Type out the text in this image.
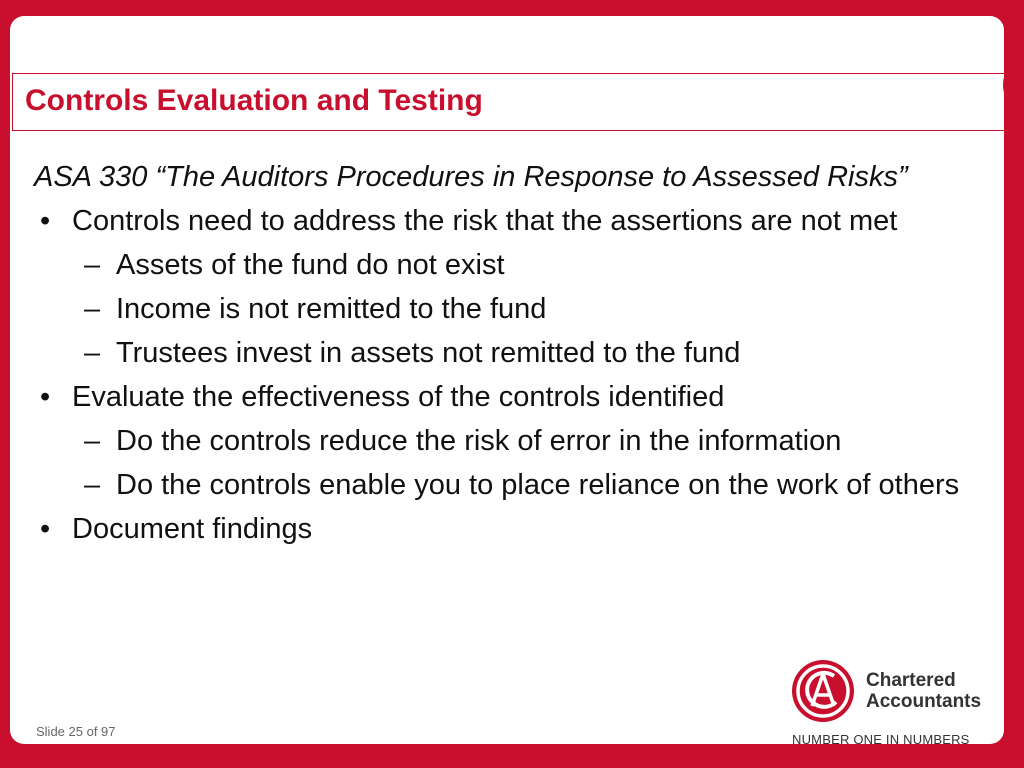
Controls Evaluation and Testing

ASA 330 “The Auditors Procedures in Response to Assessed Risks”

• Controls need to address the risk that the assertions are not met
– Assets of the fund do not exist
– Income is not remitted to the fund
– Trustees invest in assets not remitted to the fund
• Evaluate the effectiveness of the controls identified
– Do the controls reduce the risk of error in the information
– Do the controls enable you to place reliance on the work of others
• Document findings
Slide 25 of 97
Chartered
Accountants
NUMBER ONE IN NUMBERS
